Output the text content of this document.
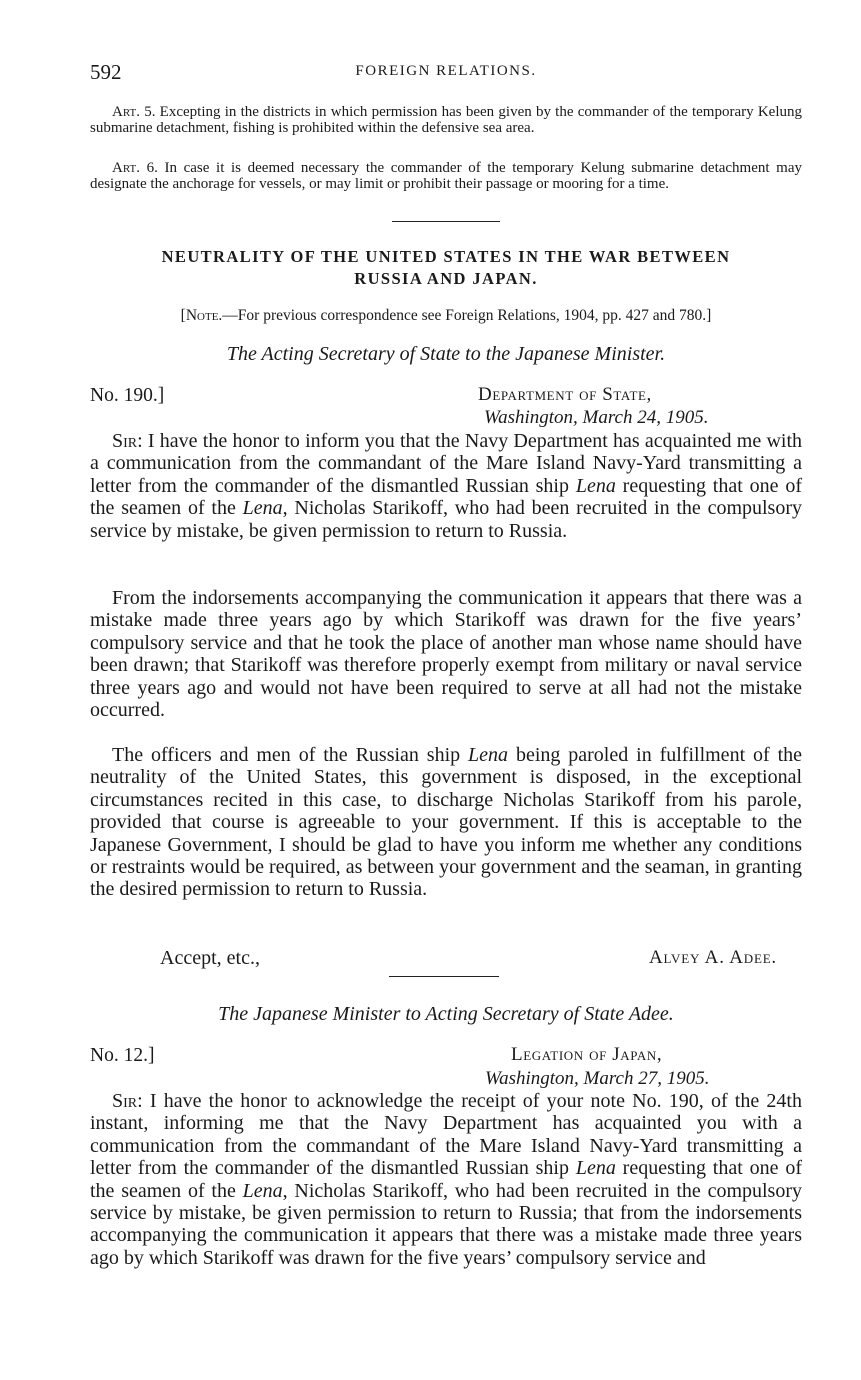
592	FOREIGN RELATIONS.
Art. 5. Excepting in the districts in which permission has been given by the commander of the temporary Kelung submarine detachment, fishing is prohibited within the defensive sea area.
Art. 6. In case it is deemed necessary the commander of the temporary Kelung submarine detachment may designate the anchorage for vessels, or may limit or prohibit their passage or mooring for a time.
NEUTRALITY OF THE UNITED STATES IN THE WAR BETWEEN
RUSSIA AND JAPAN.
[Note.—For previous correspondence see Foreign Relations, 1904, pp. 427 and 780.]
The Acting Secretary of State to the Japanese Minister.
No. 190.]	Department of State,
Washington, March 24, 1905.
Sir: I have the honor to inform you that the Navy Department has acquainted me with a communication from the commandant of the Mare Island Navy-Yard transmitting a letter from the commander of the dismantled Russian ship Lena requesting that one of the seamen of the Lena, Nicholas Starikoff, who had been recruited in the compulsory service by mistake, be given permission to return to Russia.
From the indorsements accompanying the communication it appears that there was a mistake made three years ago by which Starikoff was drawn for the five years’ compulsory service and that he took the place of another man whose name should have been drawn; that Starikoff was therefore properly exempt from military or naval service three years ago and would not have been required to serve at all had not the mistake occurred.
The officers and men of the Russian ship Lena being paroled in fulfillment of the neutrality of the United States, this government is disposed, in the exceptional circumstances recited in this case, to discharge Nicholas Starikoff from his parole, provided that course is agreeable to your government. If this is acceptable to the Japanese Government, I should be glad to have you inform me whether any conditions or restraints would be required, as between your government and the seaman, in granting the desired permission to return to Russia.
Accept, etc.,	Alvey A. Adee.
The Japanese Minister to Acting Secretary of State Adee.
No. 12.]	Legation of Japan,
Washington, March 27, 1905.
Sir: I have the honor to acknowledge the receipt of your note No. 190, of the 24th instant, informing me that the Navy Department has acquainted you with a communication from the commandant of the Mare Island Navy-Yard transmitting a letter from the commander of the dismantled Russian ship Lena requesting that one of the seamen of the Lena, Nicholas Starikoff, who had been recruited in the compulsory service by mistake, be given permission to return to Russia; that from the indorsements accompanying the communication it appears that there was a mistake made three years ago by which Starikoff was drawn for the five years’ compulsory service and
